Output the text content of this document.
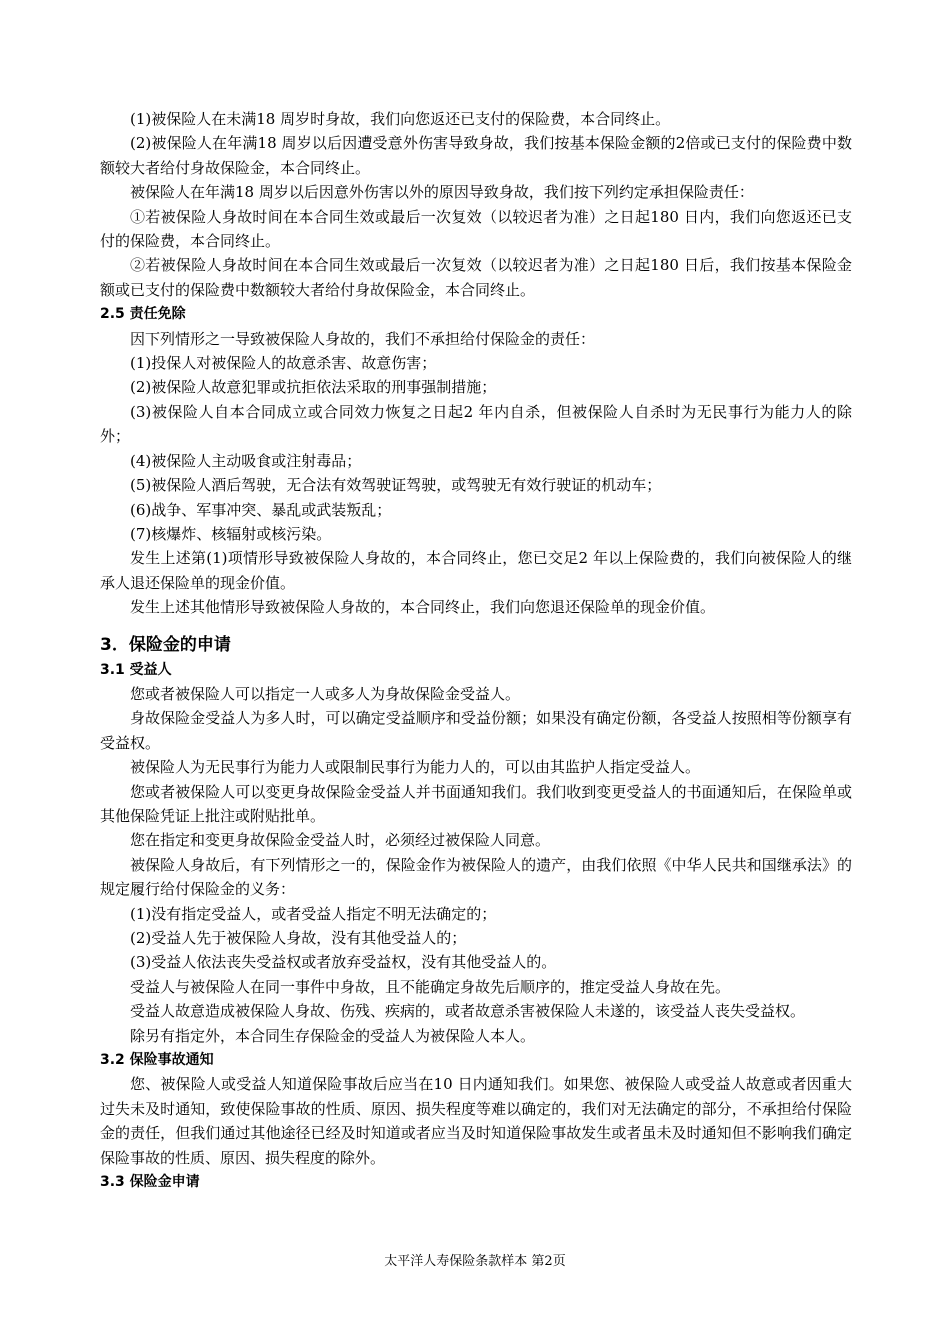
(1)被保险人在未满18 周岁时身故，我们向您返还已支付的保险费，本合同终止。

(2)被保险人在年满18 周岁以后因遭受意外伤害导致身故，我们按基本保险金额的2倍或已支付的保险费中数额较大者给付身故保险金，本合同终止。

被保险人在年满18 周岁以后因意外伤害以外的原因导致身故，我们按下列约定承担保险责任：

①若被保险人身故时间在本合同生效或最后一次复效（以较迟者为准）之日起180 日内，我们向您返还已支付的保险费，本合同终止。

②若被保险人身故时间在本合同生效或最后一次复效（以较迟者为准）之日起180 日后，我们按基本保险金额或已支付的保险费中数额较大者给付身故保险金，本合同终止。

2.5 责任免除

因下列情形之一导致被保险人身故的，我们不承担给付保险金的责任：

(1)投保人对被保险人的故意杀害、故意伤害；

(2)被保险人故意犯罪或抗拒依法采取的刑事强制措施；

(3)被保险人自本合同成立或合同效力恢复之日起2 年内自杀，但被保险人自杀时为无民事行为能力人的除外；

(4)被保险人主动吸食或注射毒品；

(5)被保险人酒后驾驶，无合法有效驾驶证驾驶，或驾驶无有效行驶证的机动车；

(6)战争、军事冲突、暴乱或武装叛乱；

(7)核爆炸、核辐射或核污染。

发生上述第(1)项情形导致被保险人身故的，本合同终止，您已交足2 年以上保险费的，我们向被保险人的继承人退还保险单的现金价值。

发生上述其他情形导致被保险人身故的，本合同终止，我们向您退还保险单的现金价值。

3．保险金的申请

3.1 受益人

您或者被保险人可以指定一人或多人为身故保险金受益人。

身故保险金受益人为多人时，可以确定受益顺序和受益份额；如果没有确定份额，各受益人按照相等份额享有受益权。

被保险人为无民事行为能力人或限制民事行为能力人的，可以由其监护人指定受益人。

您或者被保险人可以变更身故保险金受益人并书面通知我们。我们收到变更受益人的书面通知后，在保险单或其他保险凭证上批注或附贴批单。

您在指定和变更身故保险金受益人时，必须经过被保险人同意。

被保险人身故后，有下列情形之一的，保险金作为被保险人的遗产，由我们依照《中华人民共和国继承法》的规定履行给付保险金的义务：

(1)没有指定受益人，或者受益人指定不明无法确定的；

(2)受益人先于被保险人身故，没有其他受益人的；

(3)受益人依法丧失受益权或者放弃受益权，没有其他受益人的。

受益人与被保险人在同一事件中身故，且不能确定身故先后顺序的，推定受益人身故在先。

受益人故意造成被保险人身故、伤残、疾病的，或者故意杀害被保险人未遂的，该受益人丧失受益权。

除另有指定外，本合同生存保险金的受益人为被保险人本人。

3.2 保险事故通知

您、被保险人或受益人知道保险事故后应当在10 日内通知我们。如果您、被保险人或受益人故意或者因重大过失未及时通知，致使保险事故的性质、原因、损失程度等难以确定的，我们对无法确定的部分，不承担给付保险金的责任，但我们通过其他途径已经及时知道或者应当及时知道保险事故发生或者虽未及时通知但不影响我们确定保险事故的性质、原因、损失程度的除外。

3.3 保险金申请

太平洋人寿保险条款样本 第2页
